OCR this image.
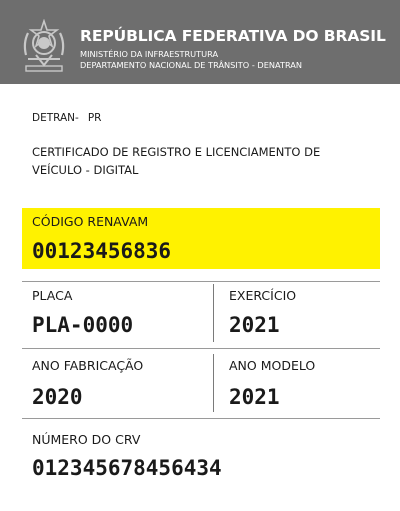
REPÚBLICA FEDERATIVA DO BRASIL
MINISTÉRIO DA INFRAESTRUTURA
DEPARTAMENTO NACIONAL DE TRÂNSITO - DENATRAN
DETRAN- PR
CERTIFICADO DE REGISTRO E LICENCIAMENTO DE VEÍCULO - DIGITAL
CÓDIGO RENAVAM
00123456836
PLACA
PLA-0000
EXERCÍCIO
2021
ANO FABRICAÇÃO
2020
ANO MODELO
2021
NÚMERO DO CRV
012345678456434
